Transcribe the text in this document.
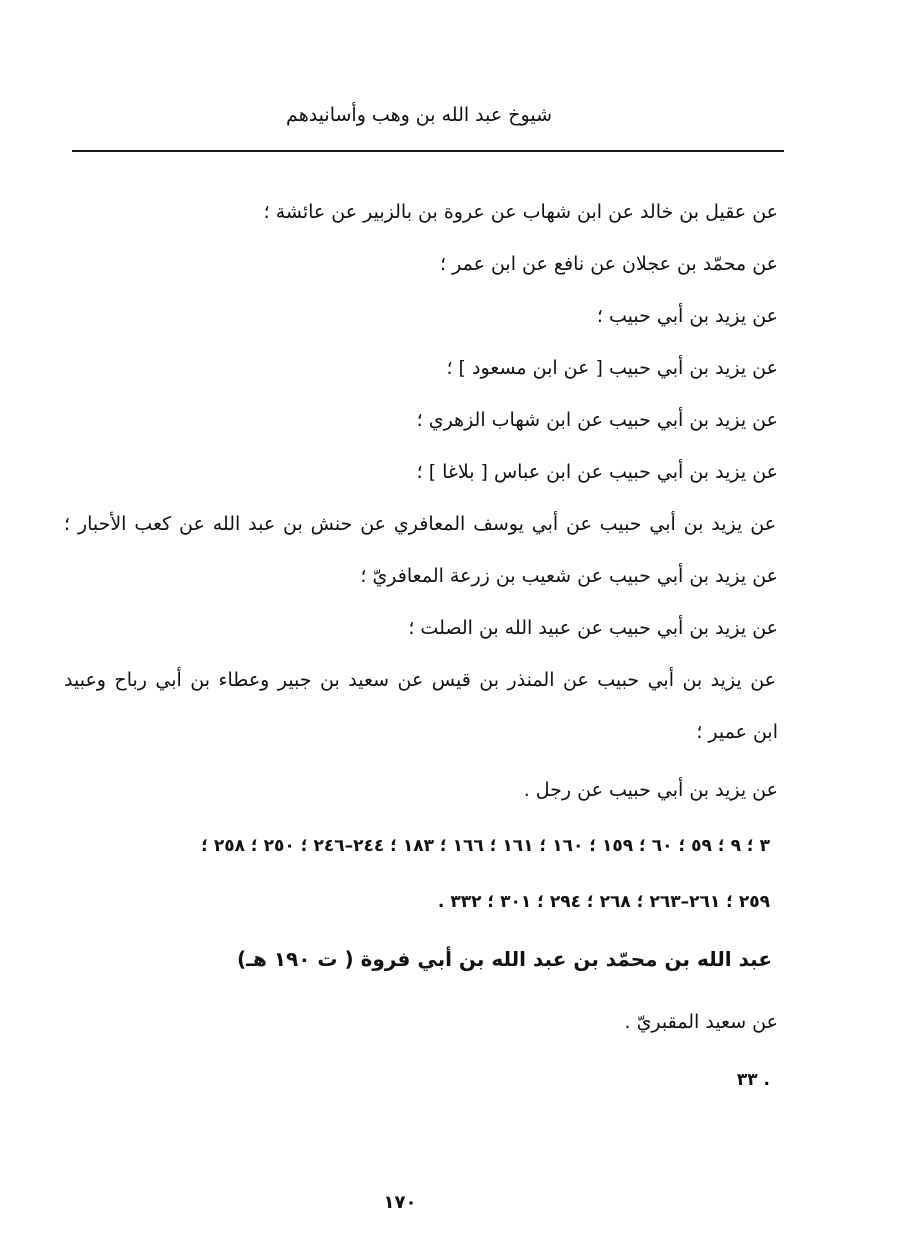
شيوخ عبد الله بن وهب وأسانيدهم
عن عقيل بن خالد عن ابن شهاب عن عروة بن بالزبير عن عائشة ؛
عن محمّد بن عجلان عن نافع عن ابن عمر ؛
عن يزيد بن أبي حبيب ؛
عن يزيد بن أبي حبيب [ عن ابن مسعود ] ؛
عن يزيد بن أبي حبيب عن ابن شهاب الزهري ؛
عن يزيد بن أبي حبيب عن ابن عباس [ بلاغا ] ؛
عن يزيد بن أبي حبيب عن أبي يوسف المعافري عن حنش بن عبد الله عن كعب الأحبار ؛
عن يزيد بن أبي حبيب عن شعيب بن زرعة المعافريّ ؛
عن يزيد بن أبي حبيب عن عبيد الله بن الصلت ؛
عن يزيد بن أبي حبيب عن المنذر بن قيس عن سعيد بن جبير وعطاء بن أبي رباح وعبيد
ابن عمير ؛
عن يزيد بن أبي حبيب عن رجل .
٣ ؛ ٩ ؛ ٥٩ ؛ ٦٠ ؛ ١٥٩ ؛ ١٦٠ ؛ ١٦١ ؛ ١٦٦ ؛ ١٨٣ ؛ ٢٤٤–٢٤٦ ؛ ٢٥٠ ؛ ٢٥٨ ؛
٢٥٩ ؛ ٢٦١–٢٦٣ ؛ ٢٦٨ ؛ ٢٩٤ ؛ ٣٠١ ؛ ٣٣٢ .
عبد الله بن محمّد بن عبد الله بن أبي فروة ( ت ١٩٠ هـ)
عن سعيد المقبريّ .
. ٣٣
١٧٠
